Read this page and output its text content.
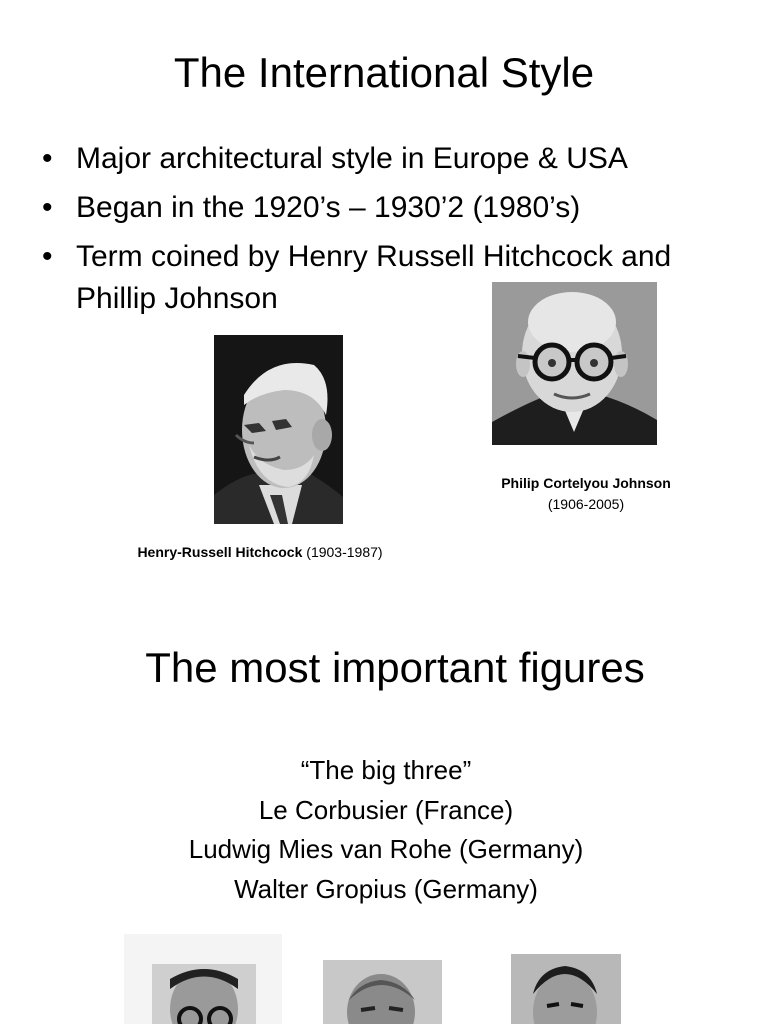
The International Style
• Major architectural style in Europe & USA
• Began in the 1920’s – 1930’2 (1980’s)
• Term coined by Henry Russell Hitchcock and Phillip Johnson
Philip Cortelyou Johnson
(1906-2005)
Henry-Russell Hitchcock (1903-1987)
The most important figures
“The big three”
Le Corbusier (France)
Ludwig Mies van Rohe (Germany)
Walter Gropius (Germany)
